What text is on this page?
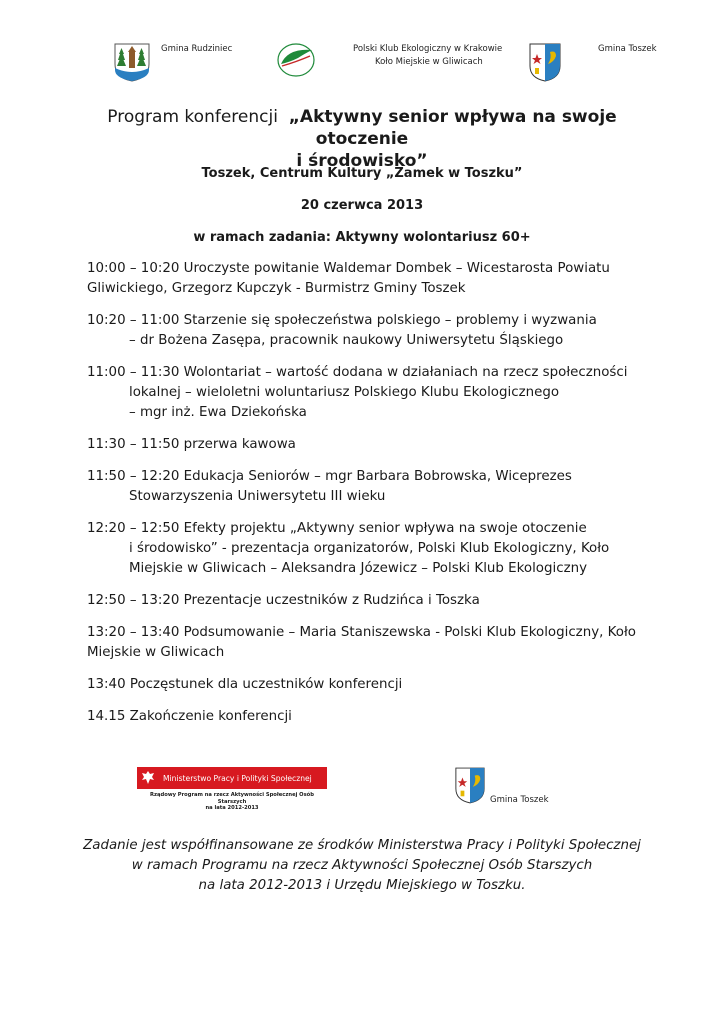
Gmina Rudziniec	Polski Klub Ekologiczny w Krakowie
Koło Miejskie w Gliwicach
Gmina Toszek
Program konferencji „Aktywny senior wpływa na swoje otoczenie
i środowisko”
Toszek, Centrum Kultury „Zamek w Toszku”
20 czerwca 2013
w ramach zadania: Aktywny wolontariusz 60+
10:00 – 10:20 Uroczyste powitanie Waldemar Dombek – Wicestarosta Powiatu
Gliwickiego, Grzegorz Kupczyk - Burmistrz Gminy Toszek
10:20 – 11:00 Starzenie się społeczeństwa polskiego – problemy i wyzwania
– dr Bożena Zasępa, pracownik naukowy Uniwersytetu Śląskiego
11:00 – 11:30 Wolontariat – wartość dodana w działaniach na rzecz społeczności
lokalnej – wieloletni woluntariusz Polskiego Klubu Ekologicznego
– mgr inż. Ewa Dziekońska
11:30 – 11:50 przerwa kawowa
11:50 – 12:20 Edukacja Seniorów – mgr Barbara Bobrowska, Wiceprezes
Stowarzyszenia Uniwersytetu III wieku
12:20 – 12:50 Efekty projektu „Aktywny senior wpływa na swoje otoczenie
i środowisko” - prezentacja organizatorów, Polski Klub Ekologiczny, Koło
Miejskie w Gliwicach – Aleksandra Józewicz – Polski Klub Ekologiczny
12:50 – 13:20 Prezentacje uczestników z Rudzińca i Toszka
13:20 – 13:40 Podsumowanie – Maria Staniszewska - Polski Klub Ekologiczny, Koło
Miejskie w Gliwicach
13:40 Poczęstunek dla uczestników konferencji
14.15 Zakończenie konferencji
Ministerstwo Pracy i Polityki Społecznej
Rządowy Program na rzecz Aktywności Społecznej Osób Starszych
na lata 2012-2013
Gmina Toszek
Zadanie jest współfinansowane ze środków Ministerstwa Pracy i Polityki Społecznej
w ramach Programu na rzecz Aktywności Społecznej Osób Starszych
na lata 2012-2013 i Urzędu Miejskiego w Toszku.
